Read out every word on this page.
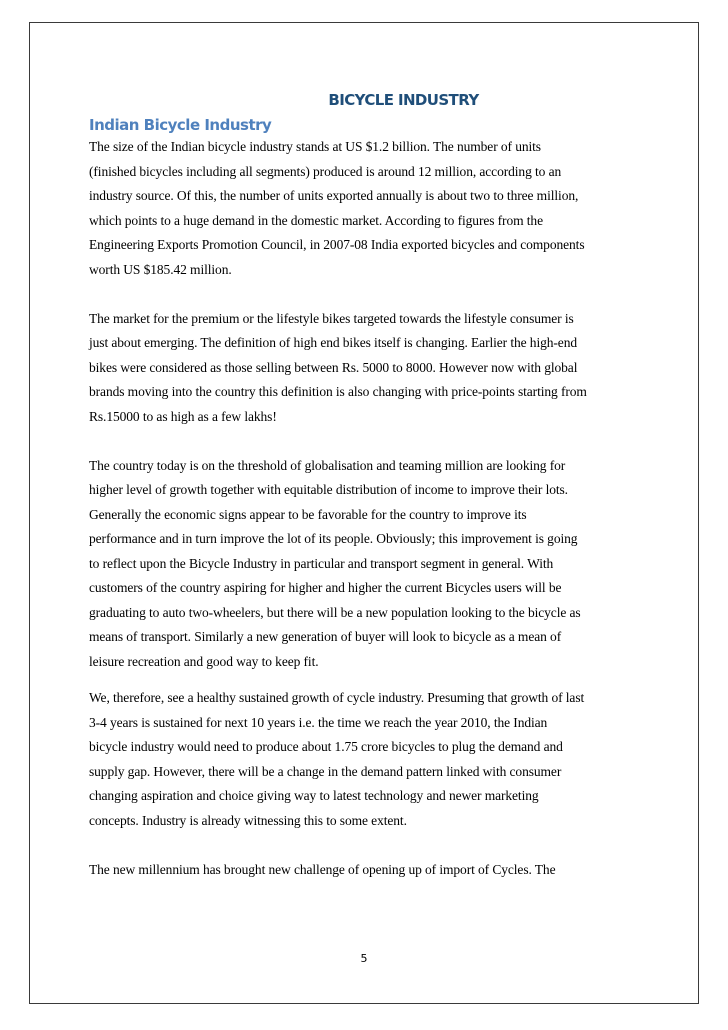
BICYCLE INDUSTRY
Indian Bicycle Industry

The size of the Indian bicycle industry stands at US $1.2 billion. The number of units
(finished bicycles including all segments) produced is around 12 million, according to an
industry source. Of this, the number of units exported annually is about two to three million,
which points to a huge demand in the domestic market. According to figures from the
Engineering Exports Promotion Council, in 2007-08 India exported bicycles and components
worth US $185.42 million.

The market for the premium or the lifestyle bikes targeted towards the lifestyle consumer is
just about emerging. The definition of high end bikes itself is changing. Earlier the high-end
bikes were considered as those selling between Rs. 5000 to 8000. However now with global
brands moving into the country this definition is also changing with price-points starting from
Rs.15000 to as high as a few lakhs!

The country today is on the threshold of globalisation and teaming million are looking for
higher level of growth together with equitable distribution of income to improve their lots.
Generally the economic signs appear to be favorable for the country to improve its
performance and in turn improve the lot of its people. Obviously; this improvement is going
to reflect upon the Bicycle Industry in particular and transport segment in general. With
customers of the country aspiring for higher and higher the current Bicycles users will be
graduating to auto two-wheelers, but there will be a new population looking to the bicycle as
means of transport. Similarly a new generation of buyer will look to bicycle as a mean of
leisure recreation and good way to keep fit.

We, therefore, see a healthy sustained growth of cycle industry. Presuming that growth of last
3-4 years is sustained for next 10 years i.e. the time we reach the year 2010, the Indian
bicycle industry would need to produce about 1.75 crore bicycles to plug the demand and
supply gap. However, there will be a change in the demand pattern linked with consumer
changing aspiration and choice giving way to latest technology and newer marketing
concepts. Industry is already witnessing this to some extent.

The new millennium has brought new challenge of opening up of import of Cycles. The

5
